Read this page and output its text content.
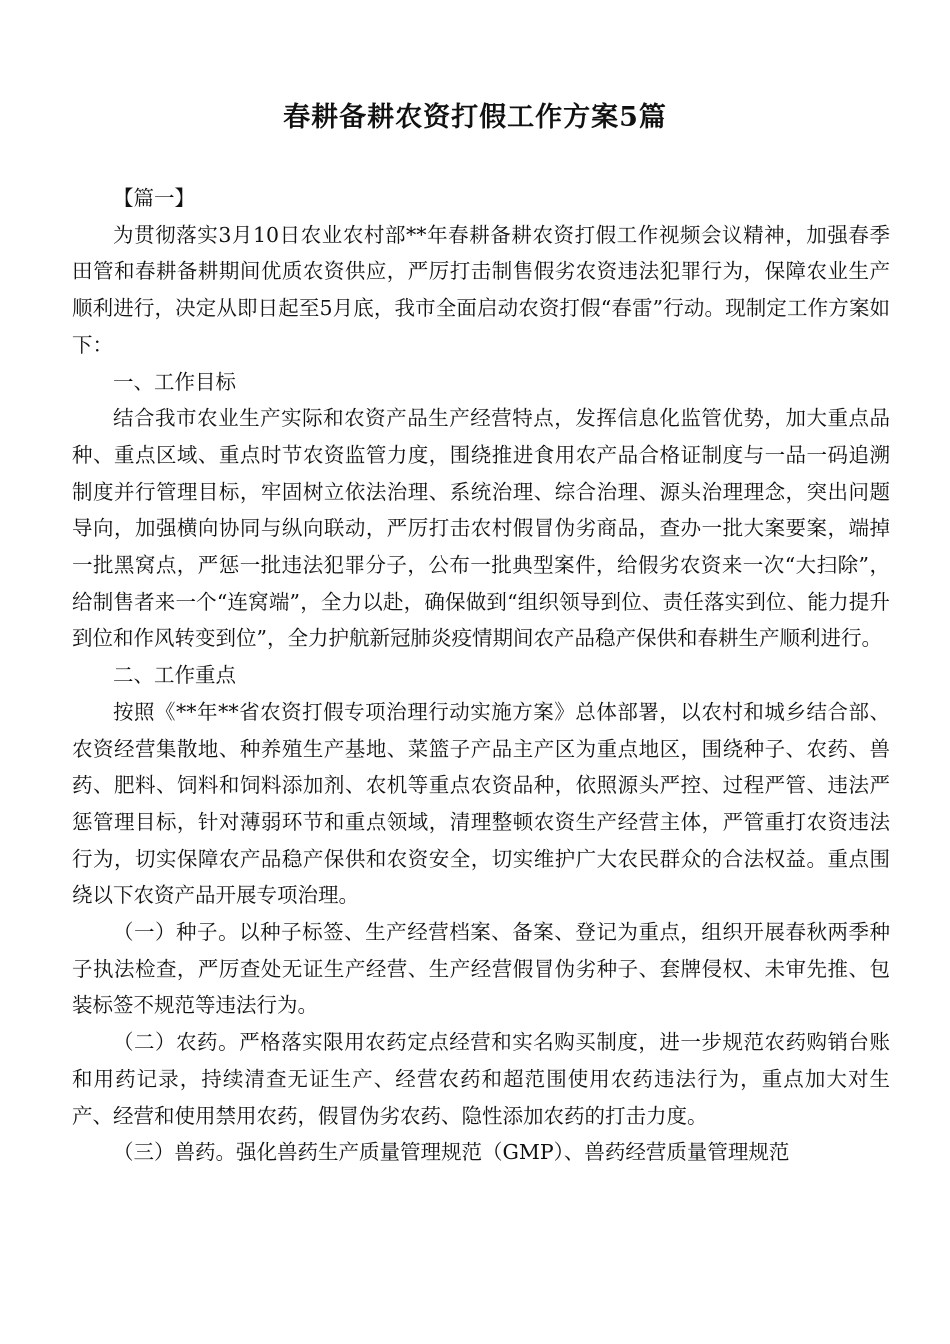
春耕备耕农资打假工作方案5篇

【篇一】

为贯彻落实3月10日农业农村部**年春耕备耕农资打假工作视频会议精神，加强春季田管和春耕备耕期间优质农资供应，严厉打击制售假劣农资违法犯罪行为，保障农业生产顺利进行，决定从即日起至5月底，我市全面启动农资打假“春雷”行动。现制定工作方案如下：

一、工作目标

结合我市农业生产实际和农资产品生产经营特点，发挥信息化监管优势，加大重点品种、重点区域、重点时节农资监管力度，围绕推进食用农产品合格证制度与一品一码追溯制度并行管理目标，牢固树立依法治理、系统治理、综合治理、源头治理理念，突出问题导向，加强横向协同与纵向联动，严厉打击农村假冒伪劣商品，查办一批大案要案，端掉一批黑窝点，严惩一批违法犯罪分子，公布一批典型案件，给假劣农资来一次“大扫除”，给制售者来一个“连窝端”，全力以赴，确保做到“组织领导到位、责任落实到位、能力提升到位和作风转变到位”，全力护航新冠肺炎疫情期间农产品稳产保供和春耕生产顺利进行。

二、工作重点

按照《**年**省农资打假专项治理行动实施方案》总体部署，以农村和城乡结合部、农资经营集散地、种养殖生产基地、菜篮子产品主产区为重点地区，围绕种子、农药、兽药、肥料、饲料和饲料添加剂、农机等重点农资品种，依照源头严控、过程严管、违法严惩管理目标，针对薄弱环节和重点领域，清理整顿农资生产经营主体，严管重打农资违法行为，切实保障农产品稳产保供和农资安全，切实维护广大农民群众的合法权益。重点围绕以下农资产品开展专项治理。

（一）种子。以种子标签、生产经营档案、备案、登记为重点，组织开展春秋两季种子执法检查，严厉查处无证生产经营、生产经营假冒伪劣种子、套牌侵权、未审先推、包装标签不规范等违法行为。

（二）农药。严格落实限用农药定点经营和实名购买制度，进一步规范农药购销台账和用药记录，持续清查无证生产、经营农药和超范围使用农药违法行为，重点加大对生产、经营和使用禁用农药，假冒伪劣农药、隐性添加农药的打击力度。

（三）兽药。强化兽药生产质量管理规范（GMP）、兽药经营质量管理规范
